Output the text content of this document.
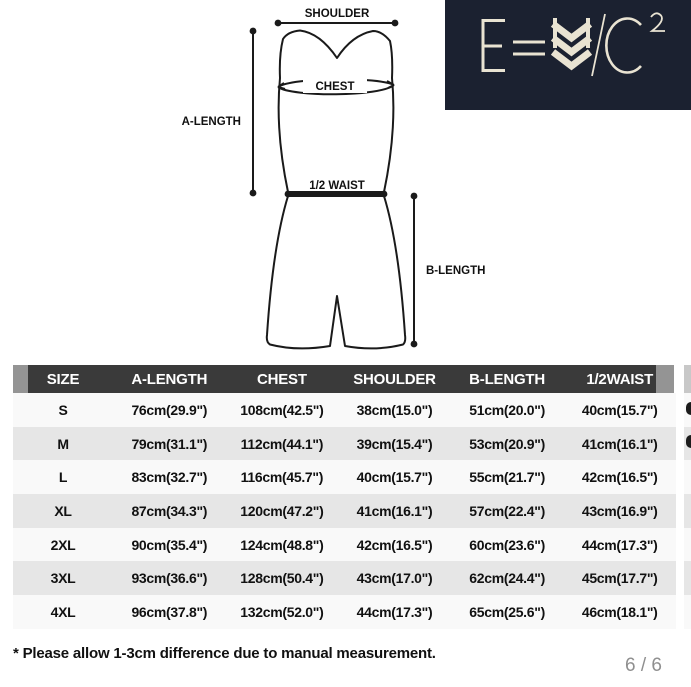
SHOULDER
A-LENGTH
CHEST
1/2 WAIST
B-LENGTH
SIZE	A-LENGTH	CHEST	SHOULDER	B-LENGTH	1/2WAIST
S	76cm(29.9")	108cm(42.5")	38cm(15.0")	51cm(20.0")	40cm(15.7")
M	79cm(31.1")	112cm(44.1")	39cm(15.4")	53cm(20.9")	41cm(16.1")
L	83cm(32.7")	116cm(45.7")	40cm(15.7")	55cm(21.7")	42cm(16.5")
XL	87cm(34.3")	120cm(47.2")	41cm(16.1")	57cm(22.4")	43cm(16.9")
2XL	90cm(35.4")	124cm(48.8")	42cm(16.5")	60cm(23.6")	44cm(17.3")
3XL	93cm(36.6")	128cm(50.4")	43cm(17.0")	62cm(24.4")	45cm(17.7")
4XL	96cm(37.8")	132cm(52.0")	44cm(17.3")	65cm(25.6")	46cm(18.1")
* Please allow 1-3cm difference due to manual measurement.
6 / 6
